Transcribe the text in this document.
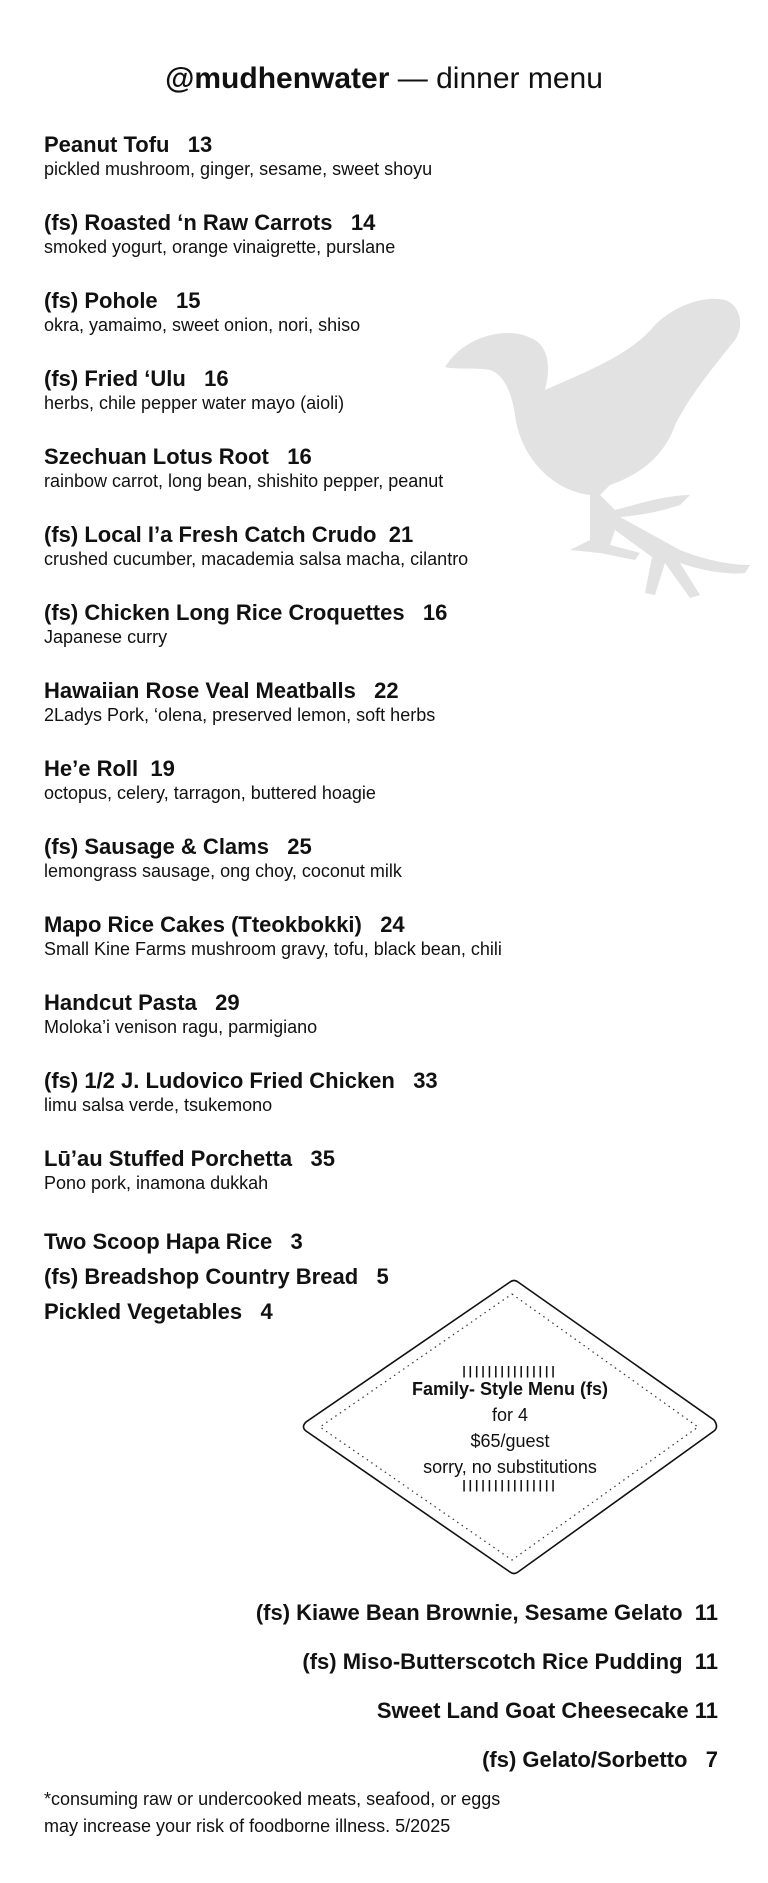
@mudhenwater — dinner menu
Peanut Tofu   13
pickled mushroom, ginger, sesame, sweet shoyu
(fs) Roasted ‘n Raw Carrots   14
smoked yogurt, orange vinaigrette, purslane
(fs) Pohole   15
okra, yamaimo, sweet onion, nori, shiso
(fs) Fried ‘Ulu   16
herbs, chile pepper water mayo (aioli)
Szechuan Lotus Root   16
rainbow carrot, long bean, shishito pepper, peanut
(fs) Local I’a Fresh Catch Crudo  21
crushed cucumber, macademia salsa macha, cilantro
(fs) Chicken Long Rice Croquettes   16
Japanese curry
Hawaiian Rose Veal Meatballs   22
2Ladys Pork, ‘olena, preserved lemon, soft herbs
He’e Roll  19
octopus, celery, tarragon, buttered hoagie
(fs) Sausage & Clams   25
lemongrass sausage, ong choy, coconut milk
Mapo Rice Cakes (Tteokbokki)   24
Small Kine Farms mushroom gravy, tofu, black bean, chili
Handcut Pasta   29
Moloka’i venison ragu, parmigiano
(fs) 1/2 J. Ludovico Fried Chicken   33
limu salsa verde, tsukemono
Lū’au Stuffed Porchetta   35
Pono pork, inamona dukkah
Two Scoop Hapa Rice   3
(fs) Breadshop Country Bread   5
Pickled Vegetables   4
|||||||||||||||
Family- Style Menu (fs)
for 4
$65/guest
sorry, no substitutions
|||||||||||||||
(fs) Kiawe Bean Brownie, Sesame Gelato  11
(fs) Miso-Butterscotch Rice Pudding  11
Sweet Land Goat Cheesecake 11
(fs) Gelato/Sorbetto   7
*consuming raw or undercooked meats, seafood, or eggs
may increase your risk of foodborne illness. 5/2025
